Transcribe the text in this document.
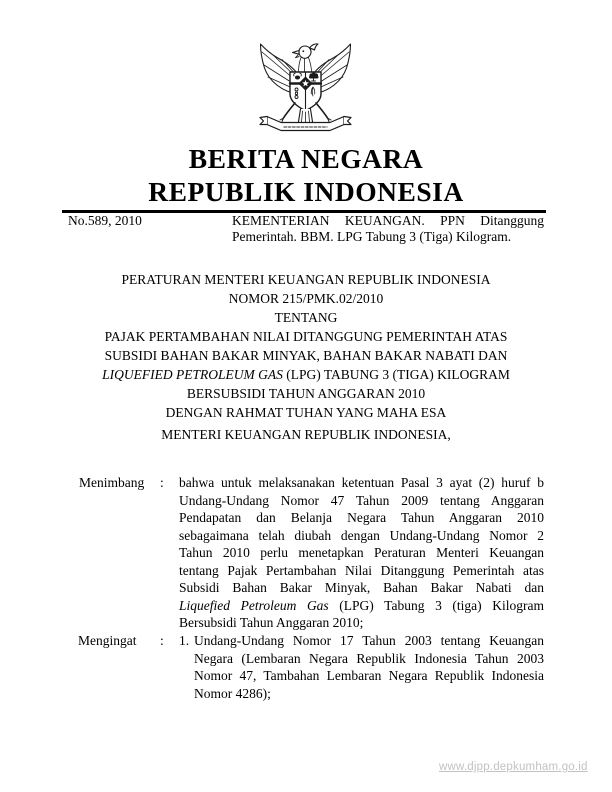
BERITA NEGARA
REPUBLIK INDONESIA
No.589, 2010	KEMENTERIAN KEUANGAN. PPN Ditanggung
Pemerintah. BBM. LPG Tabung 3 (Tiga) Kilogram.
PERATURAN MENTERI KEUANGAN REPUBLIK INDONESIA
NOMOR 215/PMK.02/2010
TENTANG
PAJAK PERTAMBAHAN NILAI DITANGGUNG PEMERINTAH ATAS
SUBSIDI BAHAN BAKAR MINYAK, BAHAN BAKAR NABATI DAN
LIQUEFIED PETROLEUM GAS (LPG) TABUNG 3 (TIGA) KILOGRAM
BERSUBSIDI TAHUN ANGGARAN 2010
DENGAN RAHMAT TUHAN YANG MAHA ESA
MENTERI KEUANGAN REPUBLIK INDONESIA,
Menimbang : bahwa untuk melaksanakan ketentuan Pasal 3 ayat (2) huruf b
Undang-Undang Nomor 47 Tahun 2009 tentang Anggaran
Pendapatan dan Belanja Negara Tahun Anggaran 2010
sebagaimana telah diubah dengan Undang-Undang Nomor 2
Tahun 2010 perlu menetapkan Peraturan Menteri Keuangan
tentang Pajak Pertambahan Nilai Ditanggung Pemerintah atas
Subsidi Bahan Bakar Minyak, Bahan Bakar Nabati dan
Liquefied Petroleum Gas (LPG) Tabung 3 (tiga) Kilogram
Bersubsidi Tahun Anggaran 2010;
Mengingat : 1. Undang-Undang Nomor 17 Tahun 2003 tentang Keuangan
Negara (Lembaran Negara Republik Indonesia Tahun 2003
Nomor 47, Tambahan Lembaran Negara Republik Indonesia
Nomor 4286);
www.djpp.depkumham.go.id
